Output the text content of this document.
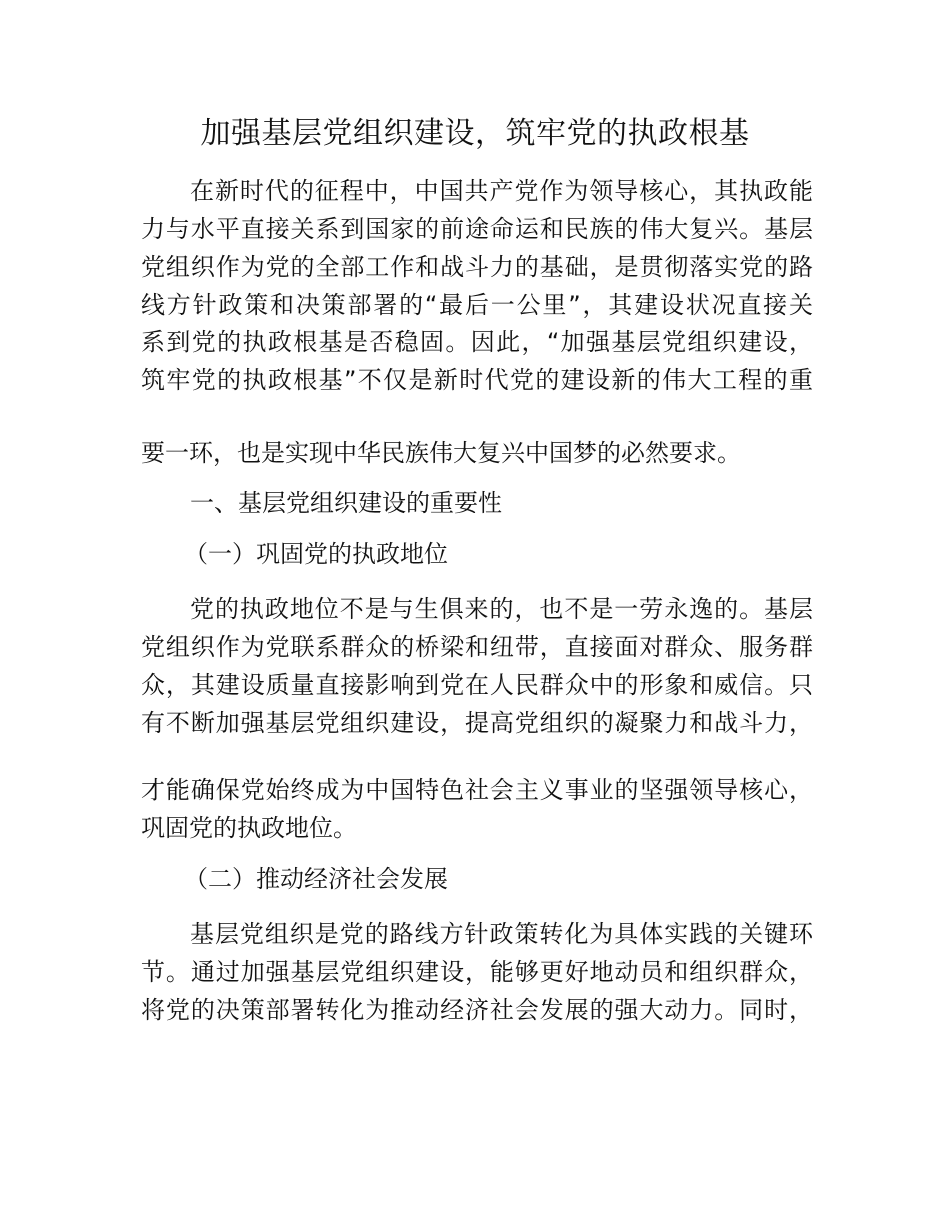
加强基层党组织建设，筑牢党的执政根基
在新时代的征程中，中国共产党作为领导核心，其执政能
力与水平直接关系到国家的前途命运和民族的伟大复兴。基层
党组织作为党的全部工作和战斗力的基础，是贯彻落实党的路
线方针政策和决策部署的“最后一公里”，其建设状况直接关
系到党的执政根基是否稳固。因此，“加强基层党组织建设，
筑牢党的执政根基”不仅是新时代党的建设新的伟大工程的重
要一环，也是实现中华民族伟大复兴中国梦的必然要求。
一、基层党组织建设的重要性
（一）巩固党的执政地位
党的执政地位不是与生俱来的，也不是一劳永逸的。基层
党组织作为党联系群众的桥梁和纽带，直接面对群众、服务群
众，其建设质量直接影响到党在人民群众中的形象和威信。只
有不断加强基层党组织建设，提高党组织的凝聚力和战斗力，
才能确保党始终成为中国特色社会主义事业的坚强领导核心，
巩固党的执政地位。
（二）推动经济社会发展
基层党组织是党的路线方针政策转化为具体实践的关键环
节。通过加强基层党组织建设，能够更好地动员和组织群众，
将党的决策部署转化为推动经济社会发展的强大动力。同时，
